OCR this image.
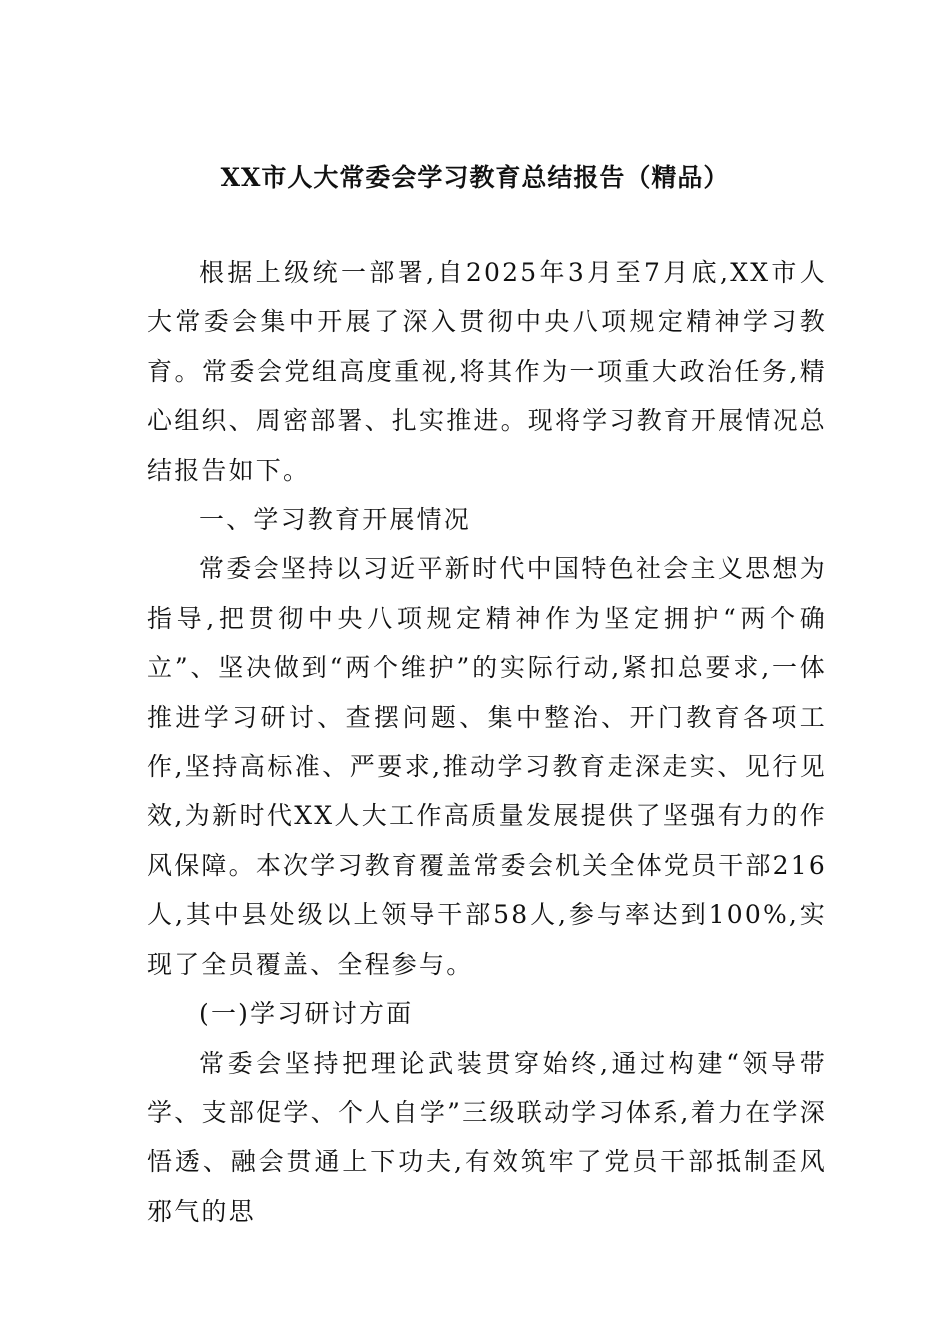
XX市人大常委会学习教育总结报告（精品）

根据上级统一部署,自2025年3月至7月底,XX市人大常委会集中开展了深入贯彻中央八项规定精神学习教育。常委会党组高度重视,将其作为一项重大政治任务,精心组织、周密部署、扎实推进。现将学习教育开展情况总结报告如下。

一、学习教育开展情况

常委会坚持以习近平新时代中国特色社会主义思想为指导,把贯彻中央八项规定精神作为坚定拥护“两个确立”、坚决做到“两个维护”的实际行动,紧扣总要求,一体推进学习研讨、查摆问题、集中整治、开门教育各项工作,坚持高标准、严要求,推动学习教育走深走实、见行见效,为新时代XX人大工作高质量发展提供了坚强有力的作风保障。本次学习教育覆盖常委会机关全体党员干部216人,其中县处级以上领导干部58人,参与率达到100%,实现了全员覆盖、全程参与。

(一)学习研讨方面

常委会坚持把理论武装贯穿始终,通过构建“领导带学、支部促学、个人自学”三级联动学习体系,着力在学深悟透、融会贯通上下功夫,有效筑牢了党员干部抵制歪风邪气的思
